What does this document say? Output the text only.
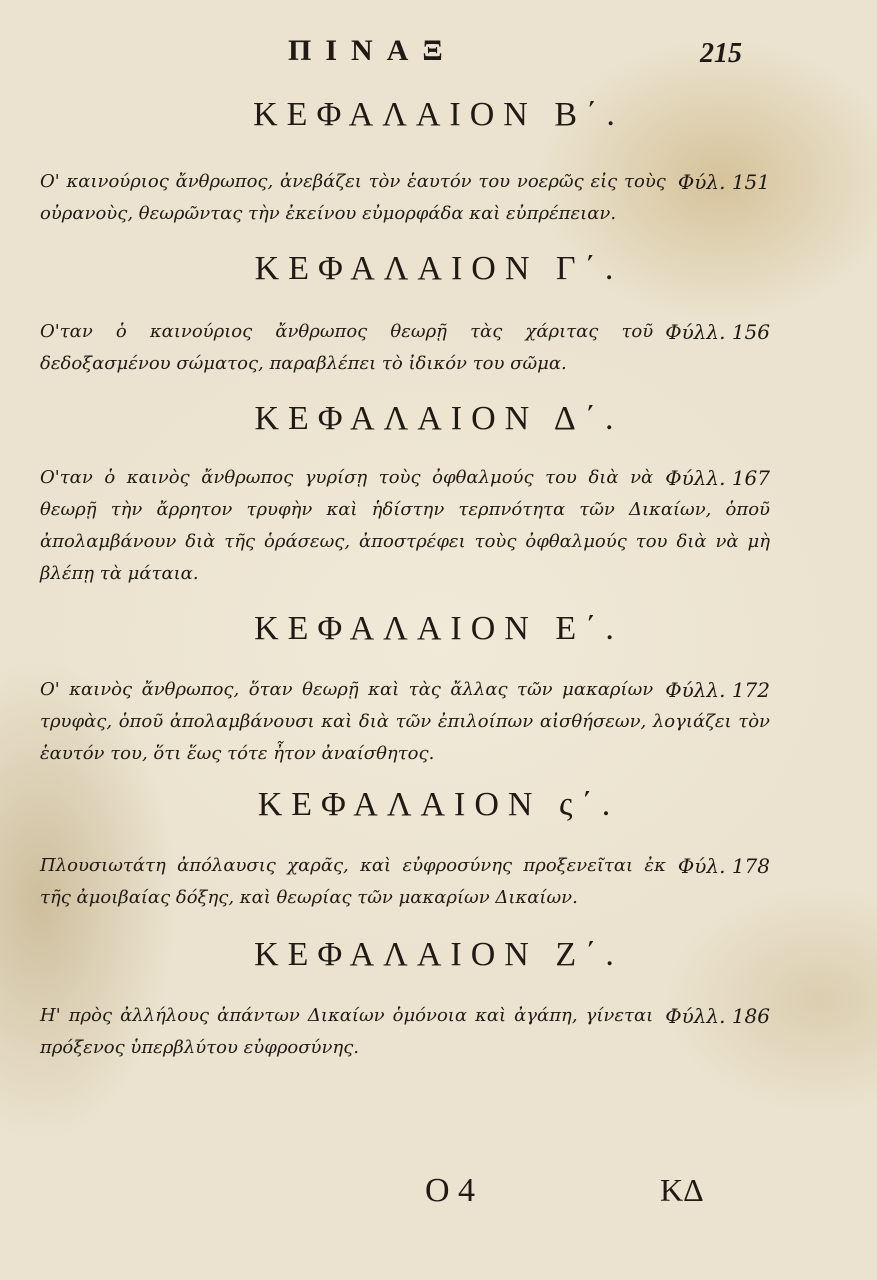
ΠΙΝΑΞ	215
ΚΕΦΑΛΑΙΟΝ Β΄.
Φύλ. 151
Ο' καινούριος ἄνθρωπος, ἀνεβάζει τὸν ἑαυτόν του νοερῶς εἰς τοὺς οὐρανοὺς, θεωρῶντας τὴν ἐκείνου εὐμορφάδα καὶ εὐπρέπειαν.
ΚΕΦΑΛΑΙΟΝ Γ΄.
Φύλλ. 156
Ο'ταν ὁ καινούριος ἄνθρωπος θεωρῇ τὰς χάριτας τοῦ δεδοξασμένου σώματος, παραβλέπει τὸ ἰδικόν του σῶμα.
ΚΕΦΑΛΑΙΟΝ Δ΄.
Φύλλ. 167
Ο'ταν ὁ καινὸς ἄνθρωπος γυρίσῃ τοὺς ὀφθαλμούς του διὰ νὰ θεωρῇ τὴν ἄρρητον τρυφὴν καὶ ἡδίστην τερπνότητα τῶν Δικαίων, ὁποῦ ἀπολαμβάνουν διὰ τῆς ὁράσεως, ἀποστρέφει τοὺς ὀφθαλμούς του διὰ νὰ μὴ βλέπῃ τὰ μάταια.
ΚΕΦΑΛΑΙΟΝ Ε΄.
Φύλλ. 172
Ο' καινὸς ἄνθρωπος, ὅταν θεωρῇ καὶ τὰς ἄλλας τῶν μακαρίων τρυφὰς, ὁποῦ ἀπολαμβάνουσι καὶ διὰ τῶν ἐπιλοίπων αἰσθήσεων, λογιάζει τὸν ἑαυτόν του, ὅτι ἕως τότε ἦτον ἀναίσθητος.
ΚΕΦΑΛΑΙΟΝ ς΄.
Φύλ. 178
Πλουσιωτάτη ἀπόλαυσις χαρᾶς, καὶ εὐφροσύνης προξενεῖται ἐκ τῆς ἀμοιβαίας δόξης, καὶ θεωρίας τῶν μακαρίων Δικαίων.
ΚΕΦΑΛΑΙΟΝ Ζ΄.
Φύλλ. 186
Η' πρὸς ἀλλήλους ἁπάντων Δικαίων ὁμόνοια καὶ ἀγάπη, γίνεται πρόξενος ὑπερβλύτου εὐφροσύνης.
Ο 4	ΚΔ
